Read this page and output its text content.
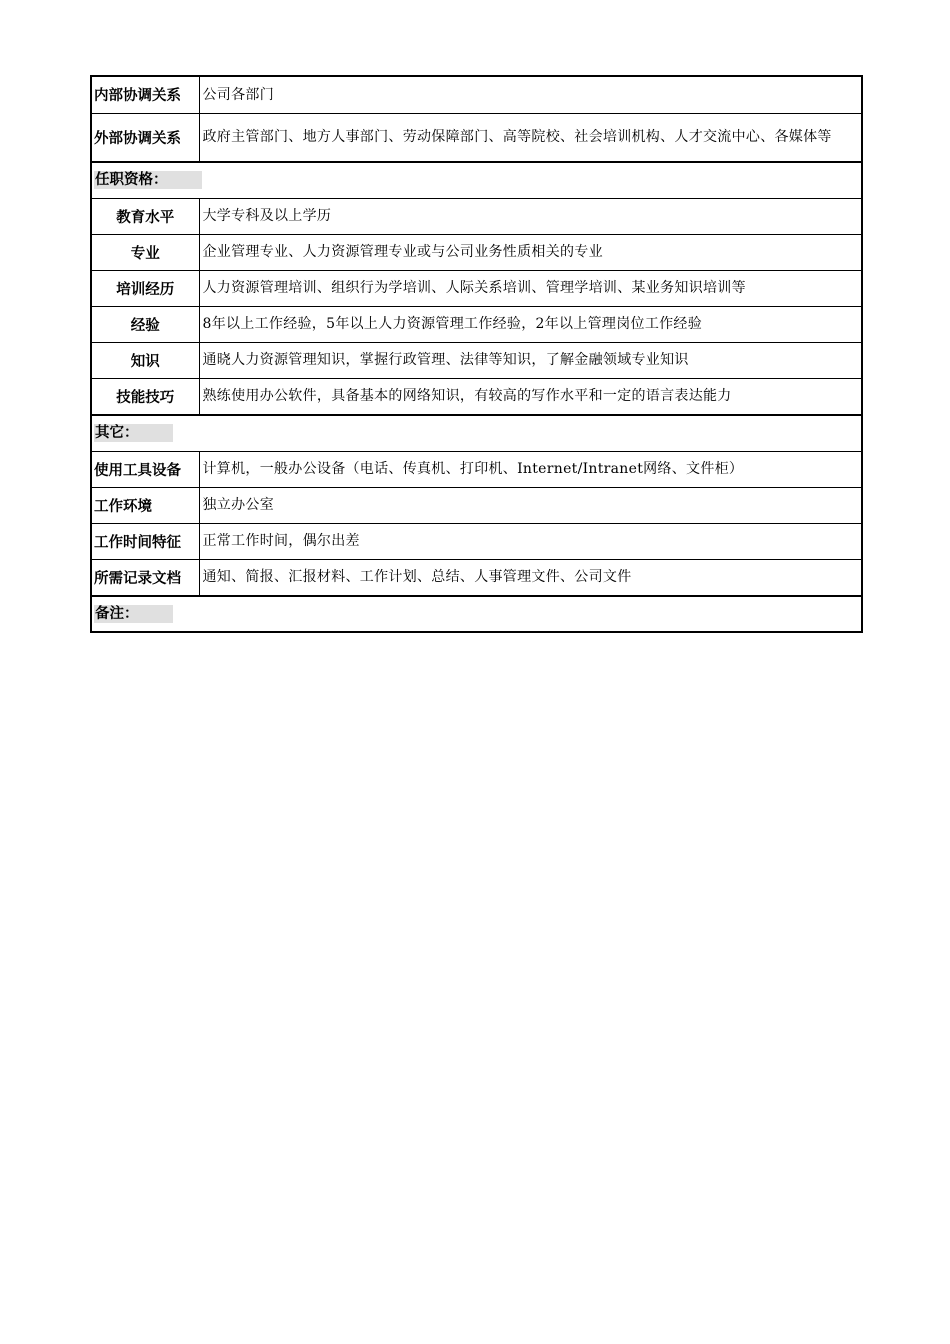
内部协调关系	公司各部门
外部协调关系	政府主管部门、地方人事部门、劳动保障部门、高等院校、社会培训机构、人才交流中心、各媒体等
任职资格：	
教育水平	大学专科及以上学历
专业	企业管理专业、人力资源管理专业或与公司业务性质相关的专业
培训经历	人力资源管理培训、组织行为学培训、人际关系培训、管理学培训、某业务知识培训等
经验	8年以上工作经验，5年以上人力资源管理工作经验，2年以上管理岗位工作经验
知识	通晓人力资源管理知识，掌握行政管理、法律等知识，了解金融领域专业知识
技能技巧	熟练使用办公软件，具备基本的网络知识，有较高的写作水平和一定的语言表达能力
其它：	
使用工具设备	计算机，一般办公设备（电话、传真机、打印机、Internet/Intranet网络、文件柜）
工作环境	独立办公室
工作时间特征	正常工作时间，偶尔出差
所需记录文档	通知、简报、汇报材料、工作计划、总结、人事管理文件、公司文件
备注：	
